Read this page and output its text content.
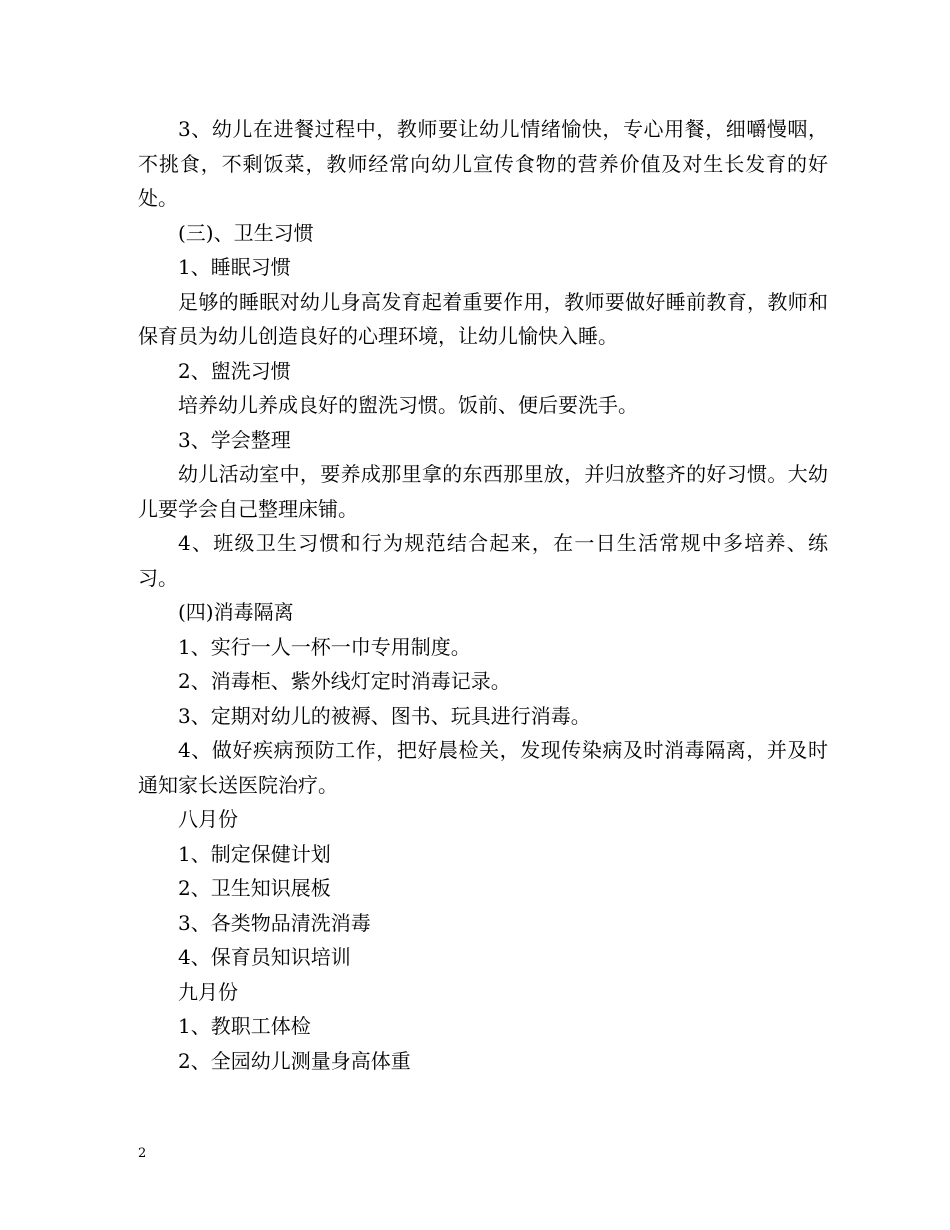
3、幼儿在进餐过程中，教师要让幼儿情绪愉快，专心用餐，细嚼慢咽，不挑食，不剩饭菜，教师经常向幼儿宣传食物的营养价值及对生长发育的好处。

(三)、卫生习惯

1、睡眠习惯

足够的睡眠对幼儿身高发育起着重要作用，教师要做好睡前教育，教师和保育员为幼儿创造良好的心理环境，让幼儿愉快入睡。

2、盥洗习惯

培养幼儿养成良好的盥洗习惯。饭前、便后要洗手。

3、学会整理

幼儿活动室中，要养成那里拿的东西那里放，并归放整齐的好习惯。大幼儿要学会自己整理床铺。

4、班级卫生习惯和行为规范结合起来，在一日生活常规中多培养、练习。

(四)消毒隔离

1、实行一人一杯一巾专用制度。

2、消毒柜、紫外线灯定时消毒记录。

3、定期对幼儿的被褥、图书、玩具进行消毒。

4、做好疾病预防工作，把好晨检关，发现传染病及时消毒隔离，并及时通知家长送医院治疗。

八月份

1、制定保健计划

2、卫生知识展板

3、各类物品清洗消毒

4、保育员知识培训

九月份

1、教职工体检

2、全园幼儿测量身高体重

2
